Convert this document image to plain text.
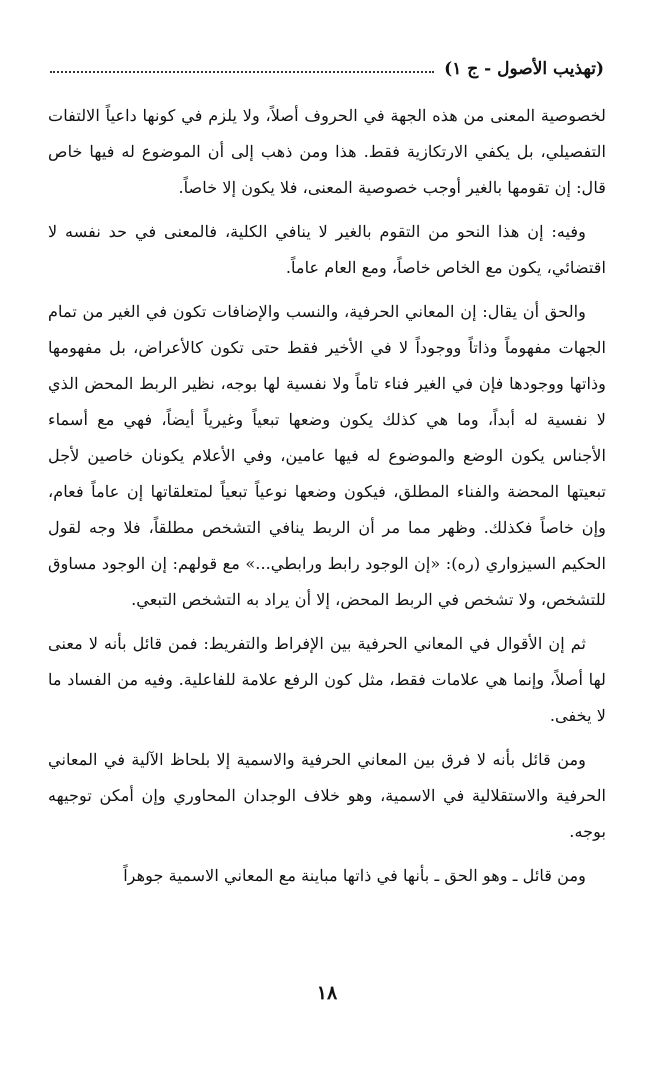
(تهذيب الأصول - ج ١)

لخصوصية المعنى من هذه الجهة في الحروف أصلاً، ولا يلزم في كونها داعياً الالتفات التفصيلي، بل يكفي الارتكازية فقط. هذا ومن ذهب إلى أن الموضوع له فيها خاص قال: إن تقومها بالغير أوجب خصوصية المعنى، فلا يكون إلا خاصاً.

وفيه: إن هذا النحو من التقوم بالغير لا ينافي الكلية، فالمعنى في حد نفسه لا اقتضائي، يكون مع الخاص خاصاً، ومع العام عاماً.

والحق أن يقال: إن المعاني الحرفية، والنسب والإضافات تكون في الغير من تمام الجهات مفهوماً وذاتاً ووجوداً لا في الأخير فقط حتى تكون كالأعراض، بل مفهومها وذاتها ووجودها فإن في الغير فناء تاماً ولا نفسية لها بوجه، نظير الربط المحض الذي لا نفسية له أبداً، وما هي كذلك يكون وضعها تبعياً وغيرياً أيضاً، فهي مع أسماء الأجناس يكون الوضع والموضوع له فيها عامين، وفي الأعلام يكونان خاصين لأجل تبعيتها المحضة والفناء المطلق، فيكون وضعها نوعياً تبعياً لمتعلقاتها إن عاماً فعام، وإن خاصاً فكذلك. وظهر مما مر أن الربط ينافي التشخص مطلقاً، فلا وجه لقول الحكيم السيزواري (ره): «إن الوجود رابط ورابطي...» مع قولهم: إن الوجود مساوق للتشخص، ولا تشخص في الربط المحض، إلا أن يراد به التشخص التبعي.

ثم إن الأقوال في المعاني الحرفية بين الإفراط والتفريط: فمن قائل بأنه لا معنى لها أصلاً، وإنما هي علامات فقط، مثل كون الرفع علامة للفاعلية. وفيه من الفساد ما لا يخفى.

ومن قائل بأنه لا فرق بين المعاني الحرفية والاسمية إلا بلحاظ الآلية في المعاني الحرفية والاستقلالية في الاسمية، وهو خلاف الوجدان المحاوري وإن أمكن توجيهه بوجه.

ومن قائل ـ وهو الحق ـ بأنها في ذاتها مباينة مع المعاني الاسمية جوهراً

١٨
